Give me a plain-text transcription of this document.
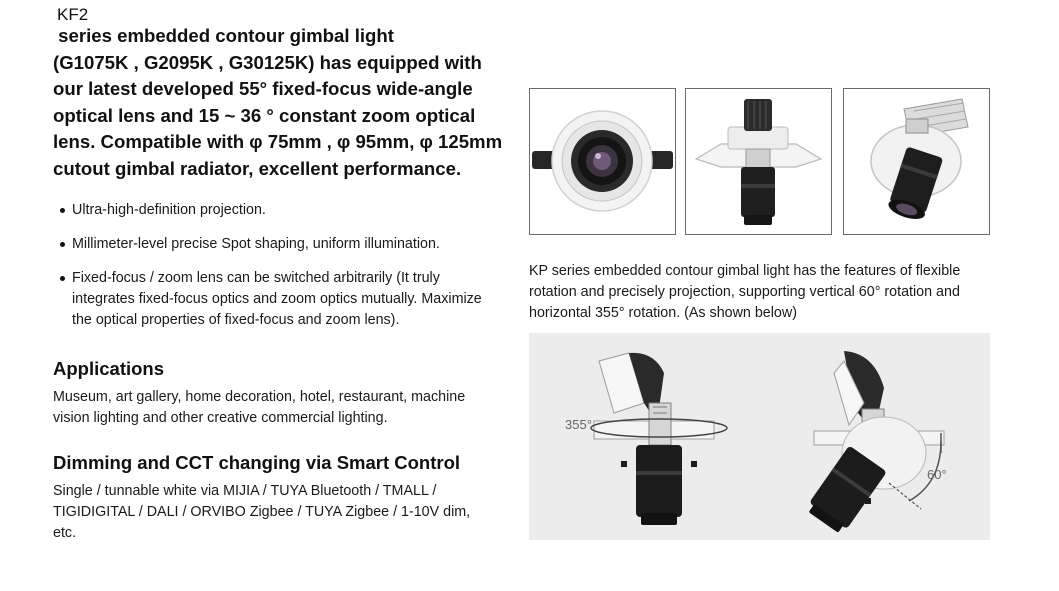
KF2
series embedded contour gimbal light
(G1075K , G2095K , G30125K) has equipped with
our latest developed 55° fixed-focus wide-angle
optical lens and 15 ~ 36 ° constant zoom optical
lens. Compatible with φ 75mm , φ 95mm, φ 125mm
cutout gimbal radiator, excellent performance.
Ultra-high-definition projection.
Millimeter-level precise Spot shaping, uniform illumination.
Fixed-focus / zoom lens can be switched arbitrarily (It truly
integrates fixed-focus optics and zoom optics mutually. Maximize
the optical properties of fixed-focus and zoom lens).
Applications
Museum, art gallery, home decoration, hotel, restaurant, machine
vision lighting and other creative commercial lighting.
Dimming and CCT changing via Smart Control
Single / tunnable white via MIJIA / TUYA Bluetooth / TMALL /
TIGIDIGITAL / DALI / ORVIBO Zigbee / TUYA Zigbee / 1-10V dim,
etc.
KP series embedded contour gimbal light has the features of flexible
rotation and precisely projection, supporting vertical 60° rotation and
horizontal 355° rotation. (As shown below)
355°
60°
